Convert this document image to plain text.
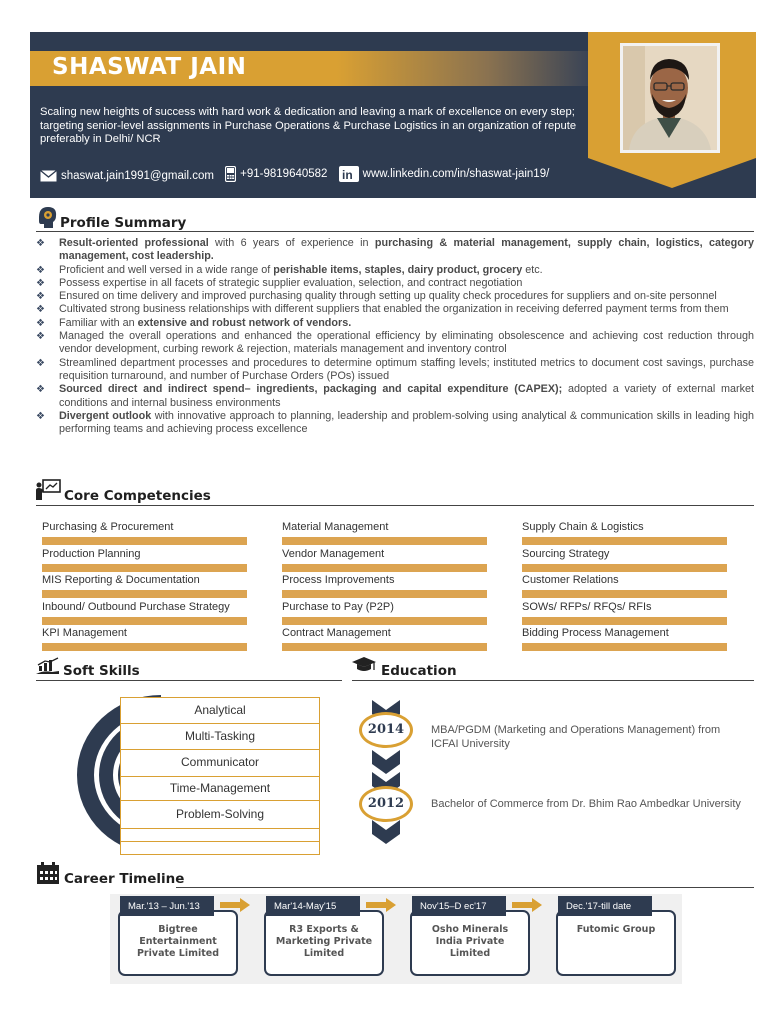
SHASWAT JAIN
Scaling new heights of success with hard work & dedication and leaving a mark of excellence on every step; targeting senior-level assignments in Purchase Operations & Purchase Logistics in an organization of repute preferably in Delhi/ NCR
shaswat.jain1991@gmail.com
+91-9819640582
in www.linkedin.com/in/shaswat-jain19/
Profile Summary
❖ Result-oriented professional with 6 years of experience in purchasing & material management, supply chain, logistics, category management, cost leadership.
❖ Proficient and well versed in a wide range of perishable items, staples, dairy product, grocery etc.
❖ Possess expertise in all facets of strategic supplier evaluation, selection, and contract negotiation
❖ Ensured on time delivery and improved purchasing quality through setting up quality check procedures for suppliers and on-site personnel
❖ Cultivated strong business relationships with different suppliers that enabled the organization in receiving deferred payment terms from them
❖ Familiar with an extensive and robust network of vendors.
❖ Managed the overall operations and enhanced the operational efficiency by eliminating obsolescence and achieving cost reduction through vendor development, curbing rework & rejection, materials management and inventory control
❖ Streamlined department processes and procedures to determine optimum staffing levels; instituted metrics to document cost savings, purchase requisition turnaround, and number of Purchase Orders (POs) issued
❖ Sourced direct and indirect spend– ingredients, packaging and capital expenditure (CAPEX); adopted a variety of external market conditions and internal business environments
❖ Divergent outlook with innovative approach to planning, leadership and problem-solving using analytical & communication skills in leading high performing teams and achieving process excellence
Core Competencies
Purchasing & Procurement	Material Management	Supply Chain & Logistics
Production Planning	Vendor Management	Sourcing Strategy
MIS Reporting & Documentation	Process Improvements	Customer Relations
Inbound/ Outbound Purchase Strategy	Purchase to Pay (P2P)	SOWs/ RFPs/ RFQs/ RFIs
KPI Management	Contract Management	Bidding Process Management
Soft Skills
Analytical
Multi-Tasking
Communicator
Time-Management
Problem-Solving
Education
2014	MBA/PGDM (Marketing and Operations Management) from ICFAI University
2012	Bachelor of Commerce from Dr. Bhim Rao Ambedkar University
Career Timeline
Bigtree Entertainment Private Limited
Mar.'13 – Jun.'13
R3 Exports & Marketing Private Limited
Mar'14-May'15
Osho Minerals India Private Limited
Nov'15–D ec'17
Futomic Group
Dec.'17-till date
